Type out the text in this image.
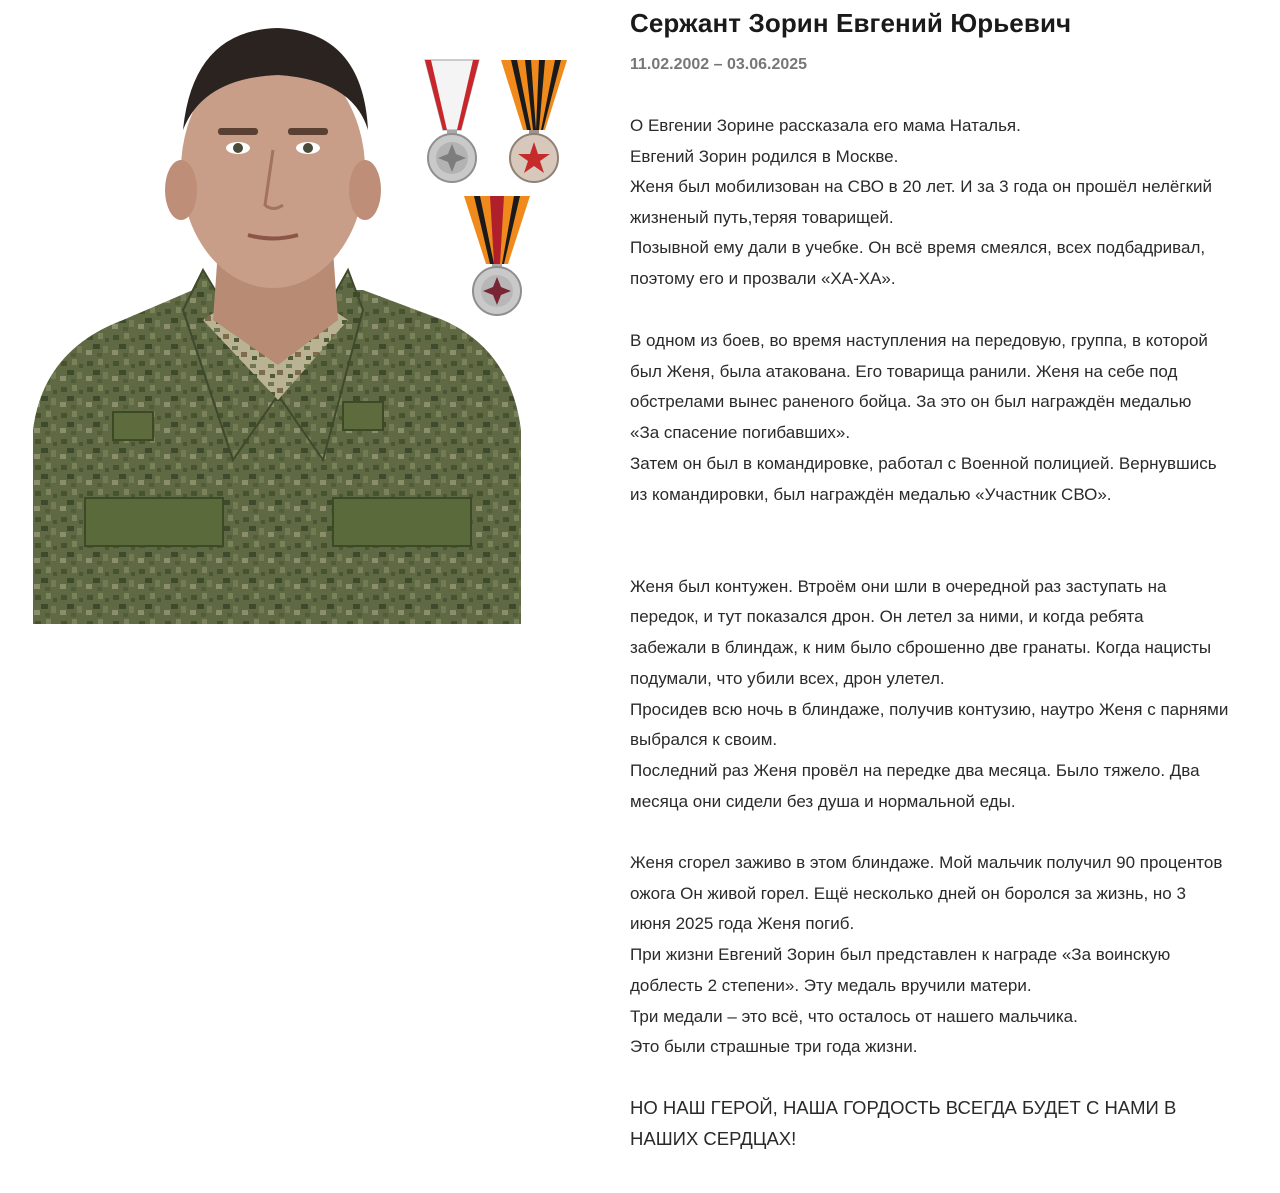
Сержант Зорин Евгений Юрьевич
11.02.2002 – 03.06.2025
О Евгении Зорине рассказала его мама Наталья.
Евгений Зорин родился в Москве.
Женя был мобилизован на СВО в 20 лет. И за 3 года он прошёл нелёгкий
жизненый путь,теряя товарищей.
Позывной ему дали в учебке. Он всё время смеялся, всех подбадривал,
поэтому его и прозвали «ХА-ХА».
В одном из боев, во время наступления на передовую, группа, в которой
был Женя, была атакована. Его товарища ранили. Женя на себе под
обстрелами вынес раненого бойца. За это он был награждён медалью
«За спасение погибавших».
Затем он был в командировке, работал с Военной полицией. Вернувшись
из командировки, был награждён медалью «Участник СВО».
Женя был контужен. Втроём они шли в очередной раз заступать на
передок, и тут показался дрон. Он летел за ними, и когда ребята
забежали в блиндаж, к ним было сброшенно две гранаты. Когда нацисты
подумали, что убили всех, дрон улетел.
Просидев всю ночь в блиндаже, получив контузию, наутро Женя с парнями
выбрался к своим.
Последний раз Женя провёл на передке два месяца. Было тяжело. Два
месяца они сидели без душа и нормальной еды.
Женя сгорел заживо в этом блиндаже. Мой мальчик получил 90 процентов
ожога Он живой горел. Ещё несколько дней он боролся за жизнь, но 3
июня 2025 года Женя погиб.
При жизни Евгений Зорин был представлен к награде «За воинскую
доблесть 2 степени». Эту медаль вручили матери.
Три медали – это всё, что осталось от нашего мальчика.
Это были страшные три года жизни.
НО НАШ ГЕРОЙ, НАША ГОРДОСТЬ ВСЕГДА БУДЕТ С НАМИ В
НАШИХ СЕРДЦАХ!
